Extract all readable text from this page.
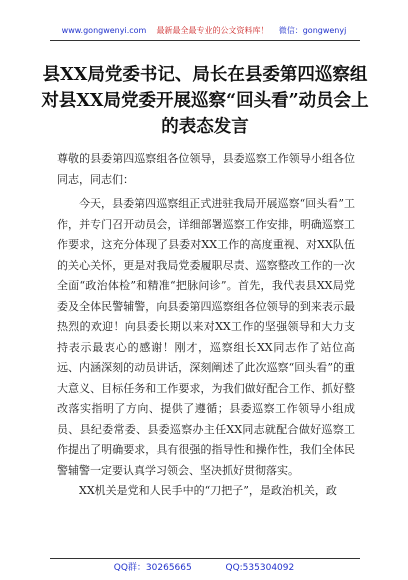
www.gongwenyi.com 最新最全最专业的公文资料库！ 微信：gongwenyj
县XX局党委书记、局长在县委第四巡察组对县XX局党委开展巡察“回头看”动员会上的表态发言

尊敬的县委第四巡察组各位领导，县委巡察工作领导小组各位同志，同志们：

今天，县委第四巡察组正式进驻我局开展巡察“回头看”工作，并专门召开动员会，详细部署巡察工作安排，明确巡察工作要求，这充分体现了县委对XX工作的高度重视、对XX队伍的关心关怀，更是对我局党委履职尽责、巡察整改工作的一次全面“政治体检”和精准“把脉问诊”。首先，我代表县XX局党委及全体民警辅警，向县委第四巡察组各位领导的到来表示最热烈的欢迎！向县委长期以来对XX工作的坚强领导和大力支持表示最衷心的感谢！刚才，巡察组长XX同志作了站位高远、内涵深刻的动员讲话，深刻阐述了此次巡察“回头看”的重大意义、目标任务和工作要求，为我们做好配合工作、抓好整改落实指明了方向、提供了遵循；县委巡察工作领导小组成员、县纪委常委、县委巡察办主任XX同志就配合做好巡察工作提出了明确要求，具有很强的指导性和操作性，我们全体民警辅警一定要认真学习领会、坚决抓好贯彻落实。

XX机关是党和人民手中的“刀把子”，是政治机关，政

QQ群：30265665	QQ:535304092
